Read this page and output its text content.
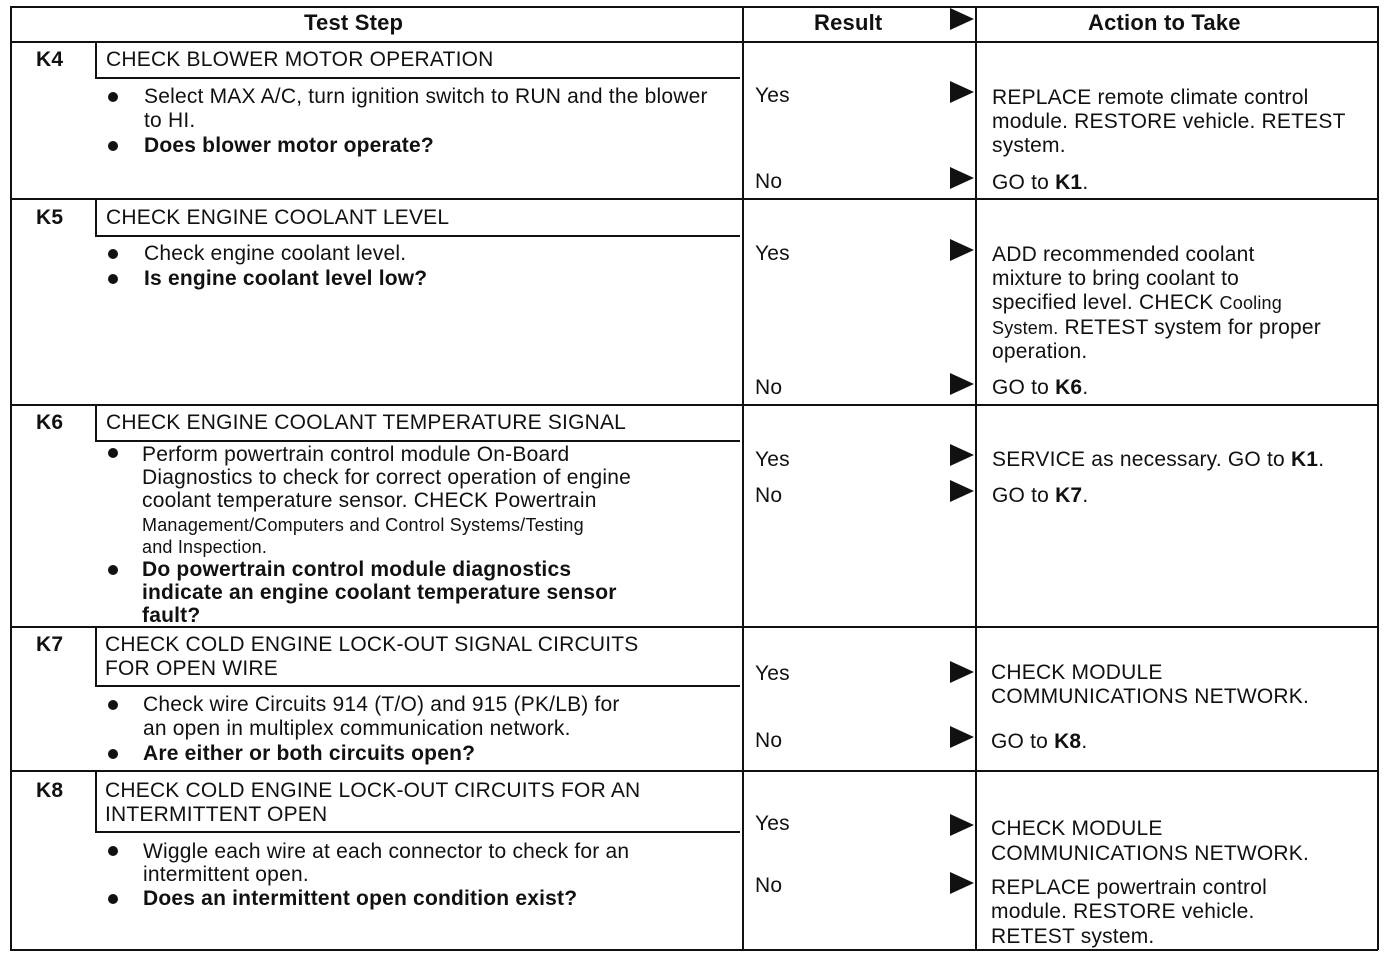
Test Step	Result	Action to Take
K4 CHECK BLOWER MOTOR OPERATION
Select MAX A/C, turn ignition switch to RUN and the blower to HI.
Does blower motor operate?
Yes	REPLACE remote climate control module. RESTORE vehicle. RETEST system.
No	GO to K1.
K5 CHECK ENGINE COOLANT LEVEL
Check engine coolant level.
Is engine coolant level low?
Yes	ADD recommended coolant
mixture to bring coolant to
specified level. CHECK Cooling
System. RETEST system for proper
operation.
No	GO to K6.
K6 CHECK ENGINE COOLANT TEMPERATURE SIGNAL
Perform powertrain control module On-Board
Diagnostics to check for correct operation of engine
coolant temperature sensor. CHECK Powertrain
Management/Computers and Control Systems/Testing
and Inspection.
Do powertrain control module diagnostics
indicate an engine coolant temperature sensor
fault?
Yes	SERVICE as necessary. GO to K1.
No	GO to K7.
K7 CHECK COLD ENGINE LOCK-OUT SIGNAL CIRCUITS
FOR OPEN WIRE
Check wire Circuits 914 (T/O) and 915 (PK/LB) for
an open in multiplex communication network.
Are either or both circuits open?
Yes	CHECK MODULE
COMMUNICATIONS NETWORK.
No	GO to K8.
K8 CHECK COLD ENGINE LOCK-OUT CIRCUITS FOR AN
INTERMITTENT OPEN
Wiggle each wire at each connector to check for an
intermittent open.
Does an intermittent open condition exist?
Yes	CHECK MODULE
COMMUNICATIONS NETWORK.
No	REPLACE powertrain control
module. RESTORE vehicle.
RETEST system.
